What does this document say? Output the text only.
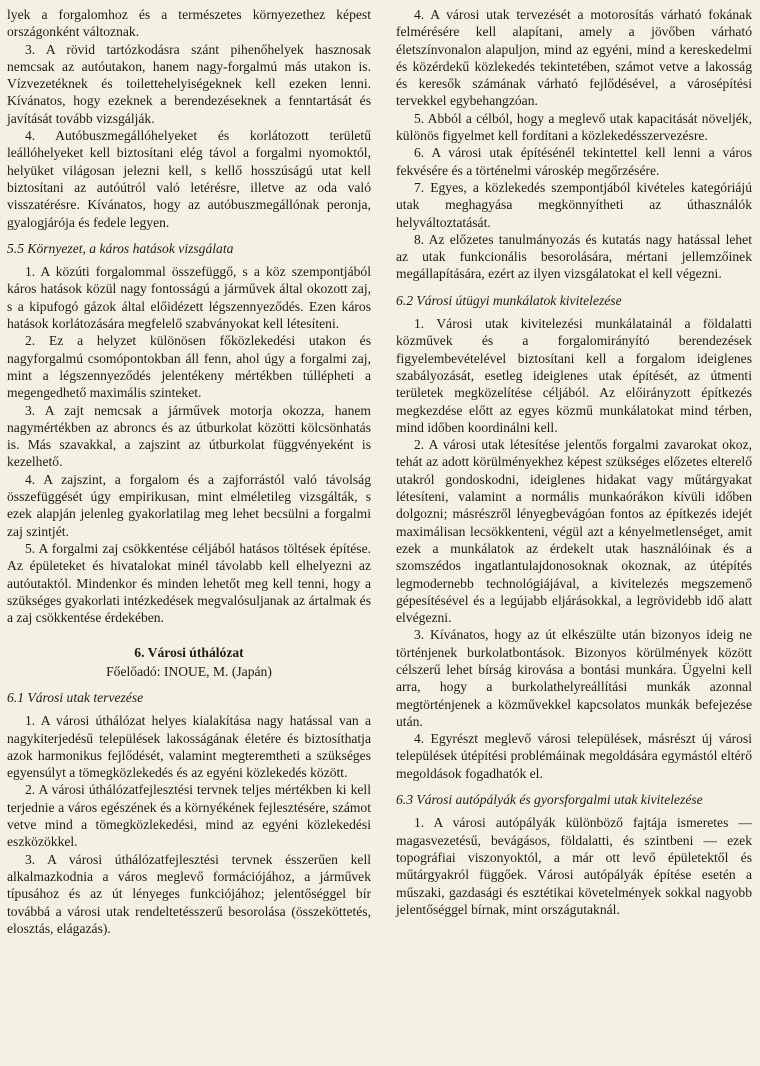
lyek a forgalomhoz és a természetes környezethez képest országonként változnak.

3. A rövid tartózkodásra szánt pihenőhelyek hasznosak nemcsak az autóutakon, hanem nagy-forgalmú más utakon is. Vízvezetéknek és toilettehelyiségeknek kell ezeken lenni. Kívánatos, hogy ezeknek a berendezéseknek a fenntartását és javítását tovább vizsgálják.

4. Autóbuszmegállóhelyeket és korlátozott területű leállóhelyeket kell biztosítani elég távol a forgalmi nyomoktól, helyüket világosan jelezni kell, s kellő hosszúságú utat kell biztosítani az autóútról való letérésre, illetve az oda való visszatérésre. Kívánatos, hogy az autóbuszmegállónak peronja, gyalogjárója és fedele legyen.

5.5 Környezet, a káros hatások vizsgálata

1. A közúti forgalommal összefüggő, s a köz szempontjából káros hatások közül nagy fontosságú a járművek által okozott zaj, s a kipufogó gázok által előidézett légszennyeződés. Ezen káros hatások korlátozására megfelelő szabványokat kell létesíteni.

2. Ez a helyzet különösen főközlekedési utakon és nagyforgalmú csomópontokban áll fenn, ahol úgy a forgalmi zaj, mint a légszennyeződés jelentékeny mértékben túllépheti a megengedhető maximális szinteket.

3. A zajt nemcsak a járművek motorja okozza, hanem nagymértékben az abroncs és az útburkolat közötti kölcsönhatás is. Más szavakkal, a zajszint az útburkolat függvényeként is kezelhető.

4. A zajszint, a forgalom és a zajforrástól való távolság összefüggését úgy empirikusan, mint elméletileg vizsgálták, s ezek alapján jelenleg gyakorlatilag meg lehet becsülni a forgalmi zaj szintjét.

5. A forgalmi zaj csökkentése céljából hatásos töltések építése. Az épületeket és hivatalokat minél távolabb kell elhelyezni az autóutaktól. Mindenkor és minden lehetőt meg kell tenni, hogy a szükséges gyakorlati intézkedések megvalósuljanak az ártalmak és a zaj csökkentése érdekében.

6. Városi úthálózat
Főelőadó: INOUE, M. (Japán)
6.1 Városi utak tervezése

1. A városi úthálózat helyes kialakítása nagy hatással van a nagykiterjedésű települések lakosságának életére és biztosíthatja azok harmonikus fejlődését, valamint megteremtheti a szükséges egyensúlyt a tömegközlekedés és az egyéni közlekedés között.

2. A városi úthálózatfejlesztési tervnek teljes mértékben ki kell terjednie a város egészének és a környékének fejlesztésére, számot vetve mind a tömegközlekedési, mind az egyéni közlekedési eszközökkel.

3. A városi úthálózatfejlesztési tervnek ésszerűen kell alkalmazkodnia a város meglevő formációjához, a járművek típusához és az út lényeges funkciójához; jelentőséggel bír továbbá a városi utak rendeltetésszerű besorolása (összeköttetés, elosztás, elágazás).

4. A városi utak tervezését a motorosítás várható fokának felmérésére kell alapítani, amely a jövőben várható életszínvonalon alapuljon, mind az egyéni, mind a kereskedelmi és közérdekű közlekedés tekintetében, számot vetve a lakosság és keresők számának várható fejlődésével, a városépítési tervekkel egybehangzóan.

5. Abból a célból, hogy a meglevő utak kapacitását növeljék, különös figyelmet kell fordítani a közlekedésszervezésre.

6. A városi utak építésénél tekintettel kell lenni a város fekvésére és a történelmi városkép megőrzésére.

7. Egyes, a közlekedés szempontjából kivételes kategóriájú utak meghagyása megkönnyítheti az úthasználók helyváltoztatását.

8. Az előzetes tanulmányozás és kutatás nagy hatással lehet az utak funkcionális besorolására, mértani jellemzőinek megállapítására, ezért az ilyen vizsgálatokat el kell végezni.

6.2 Városi útügyi munkálatok kivitelezése

1. Városi utak kivitelezési munkálatainál a földalatti közművek és a forgalomirányító berendezések figyelembevételével biztosítani kell a forgalom ideiglenes szabályozását, esetleg ideiglenes utak építését, az útmenti területek megközelítése céljából. Az előirányzott építkezés megkezdése előtt az egyes közmű munkálatokat mind térben, mind időben koordinálni kell.

2. A városi utak létesítése jelentős forgalmi zavarokat okoz, tehát az adott körülményekhez képest szükséges előzetes elterelő utakról gondoskodni, ideiglenes hidakat vagy műtárgyakat létesíteni, valamint a normális munkaórákon kívüli időben dolgozni; másrészről lényegbevágóan fontos az építkezés idejét maximálisan lecsökkenteni, végül azt a kényelmetlenséget, amit ezek a munkálatok az érdekelt utak használóinak és a szomszédos ingatlantulajdonosoknak okoznak, az útépítés legmodernebb technológiájával, a kivitelezés megszemenő gépesítésével és a legújabb eljárásokkal, a legrövidebb idő alatt elvégezni.

3. Kívánatos, hogy az út elkészülte után bizonyos ideig ne történjenek burkolatbontások. Bizonyos körülmények között célszerű lehet bírság kirovása a bontási munkára. Ügyelni kell arra, hogy a burkolathelyreállítási munkák azonnal megtörténjenek a közművekkel kapcsolatos munkák befejezése után.

4. Egyrészt meglevő városi települések, másrészt új városi települések útépítési problémáinak megoldására egymástól eltérő megoldások fogadhatók el.

6.3 Városi autópályák és gyorsforgalmi utak kivitelezése

1. A városi autópályák különböző fajtája ismeretes — magasvezetésű, bevágásos, földalatti, és szintbeni — ezek topográfiai viszonyoktól, a már ott levő épületektől és műtárgyakról függőek. Városi autópályák építése esetén a műszaki, gazdasági és esztétikai követelmények sokkal nagyobb jelentőséggel bírnak, mint országutaknál.
